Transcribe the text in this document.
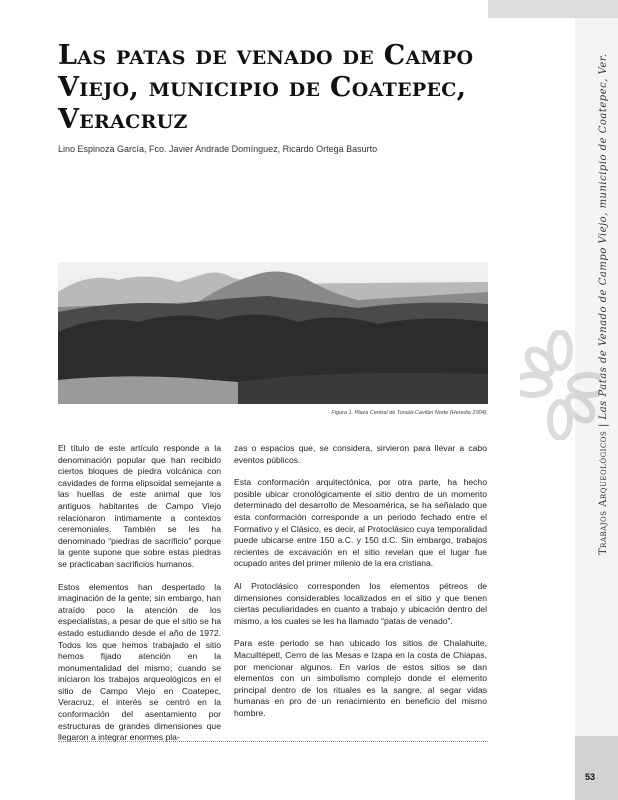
Trabajos Arqueológicos | Las Patas de Venado de Campo Viejo, municipio de Coatepec, Ver.
53
Las patas de venado de Campo Viejo, municipio de Coatepec, Veracruz
Lino Espinoza García, Fco. Javier Andrade Domínguez, Ricardo Ortega Basurto
Figura 1. Plaza Central de Tonalá-Cavilán Norte (Heredia 2004).

El título de este artículo responde a la denominación popular que han recibido ciertos bloques de piedra volcánica con cavidades de forma elipsoidal semejante a las huellas de este animal que los antiguos habitantes de Campo Viejo relacionaron íntimamente a contextos ceremoniales. También se les ha denominado “piedras de sacrificio” porque la gente supone que sobre estas piedras se practicaban sacrificios humanos.

Estos elementos han despertado la imaginación de la gente; sin embargo, han atraído poco la atención de los especialistas, a pesar de que el sitio se ha estado estudiando desde el año de 1972. Todos los que hemos trabajado el sitio hemos fijado atención en la monumentalidad del mismo; cuando se iniciaron los trabajos arqueológicos en el sitio de Campo Viejo en Coatepec, Veracruz, el interés se centró en la conformación del asentamiento por estructuras de grandes dimensiones que llegaron a integrar enormes pla-

zas o espacios que, se considera, sirvieron para llevar a cabo eventos públicos.

Esta conformación arquitectónica, por otra parte, ha hecho posible ubicar cronológicamente el sitio dentro de un momento determinado del desarrollo de Mesoamérica, se ha señalado que esta conformación corresponde a un periodo fechado entre el Formativo y el Clásico, es decir, al Protoclásico cuya temporalidad puede ubicarse entre 150 a.C. y 150 d.C. Sin embargo, trabajos recientes de excavación en el sitio revelan que el lugar fue ocupado antes del primer milenio de la era cristiana.

Al Protoclásico corresponden los elementos pétreos de dimensiones considerables localizados en el sitio y que tienen ciertas peculiaridades en cuanto a trabajo y ubicación dentro del mismo, a los cuales se les ha llamado “patas de venado”.

Para este periodo se han ubicado los sitios de Chalahuite, Macuiltépetl, Cerro de las Mesas e Izapa en la costa de Chiapas, por mencionar algunos. En varios de estos sitios se dan elementos con un simbolismo complejo donde el elemento principal dentro de los rituales es la sangre, al segar vidas humanas en pro de un renacimiento en beneficio del mismo hombre.
